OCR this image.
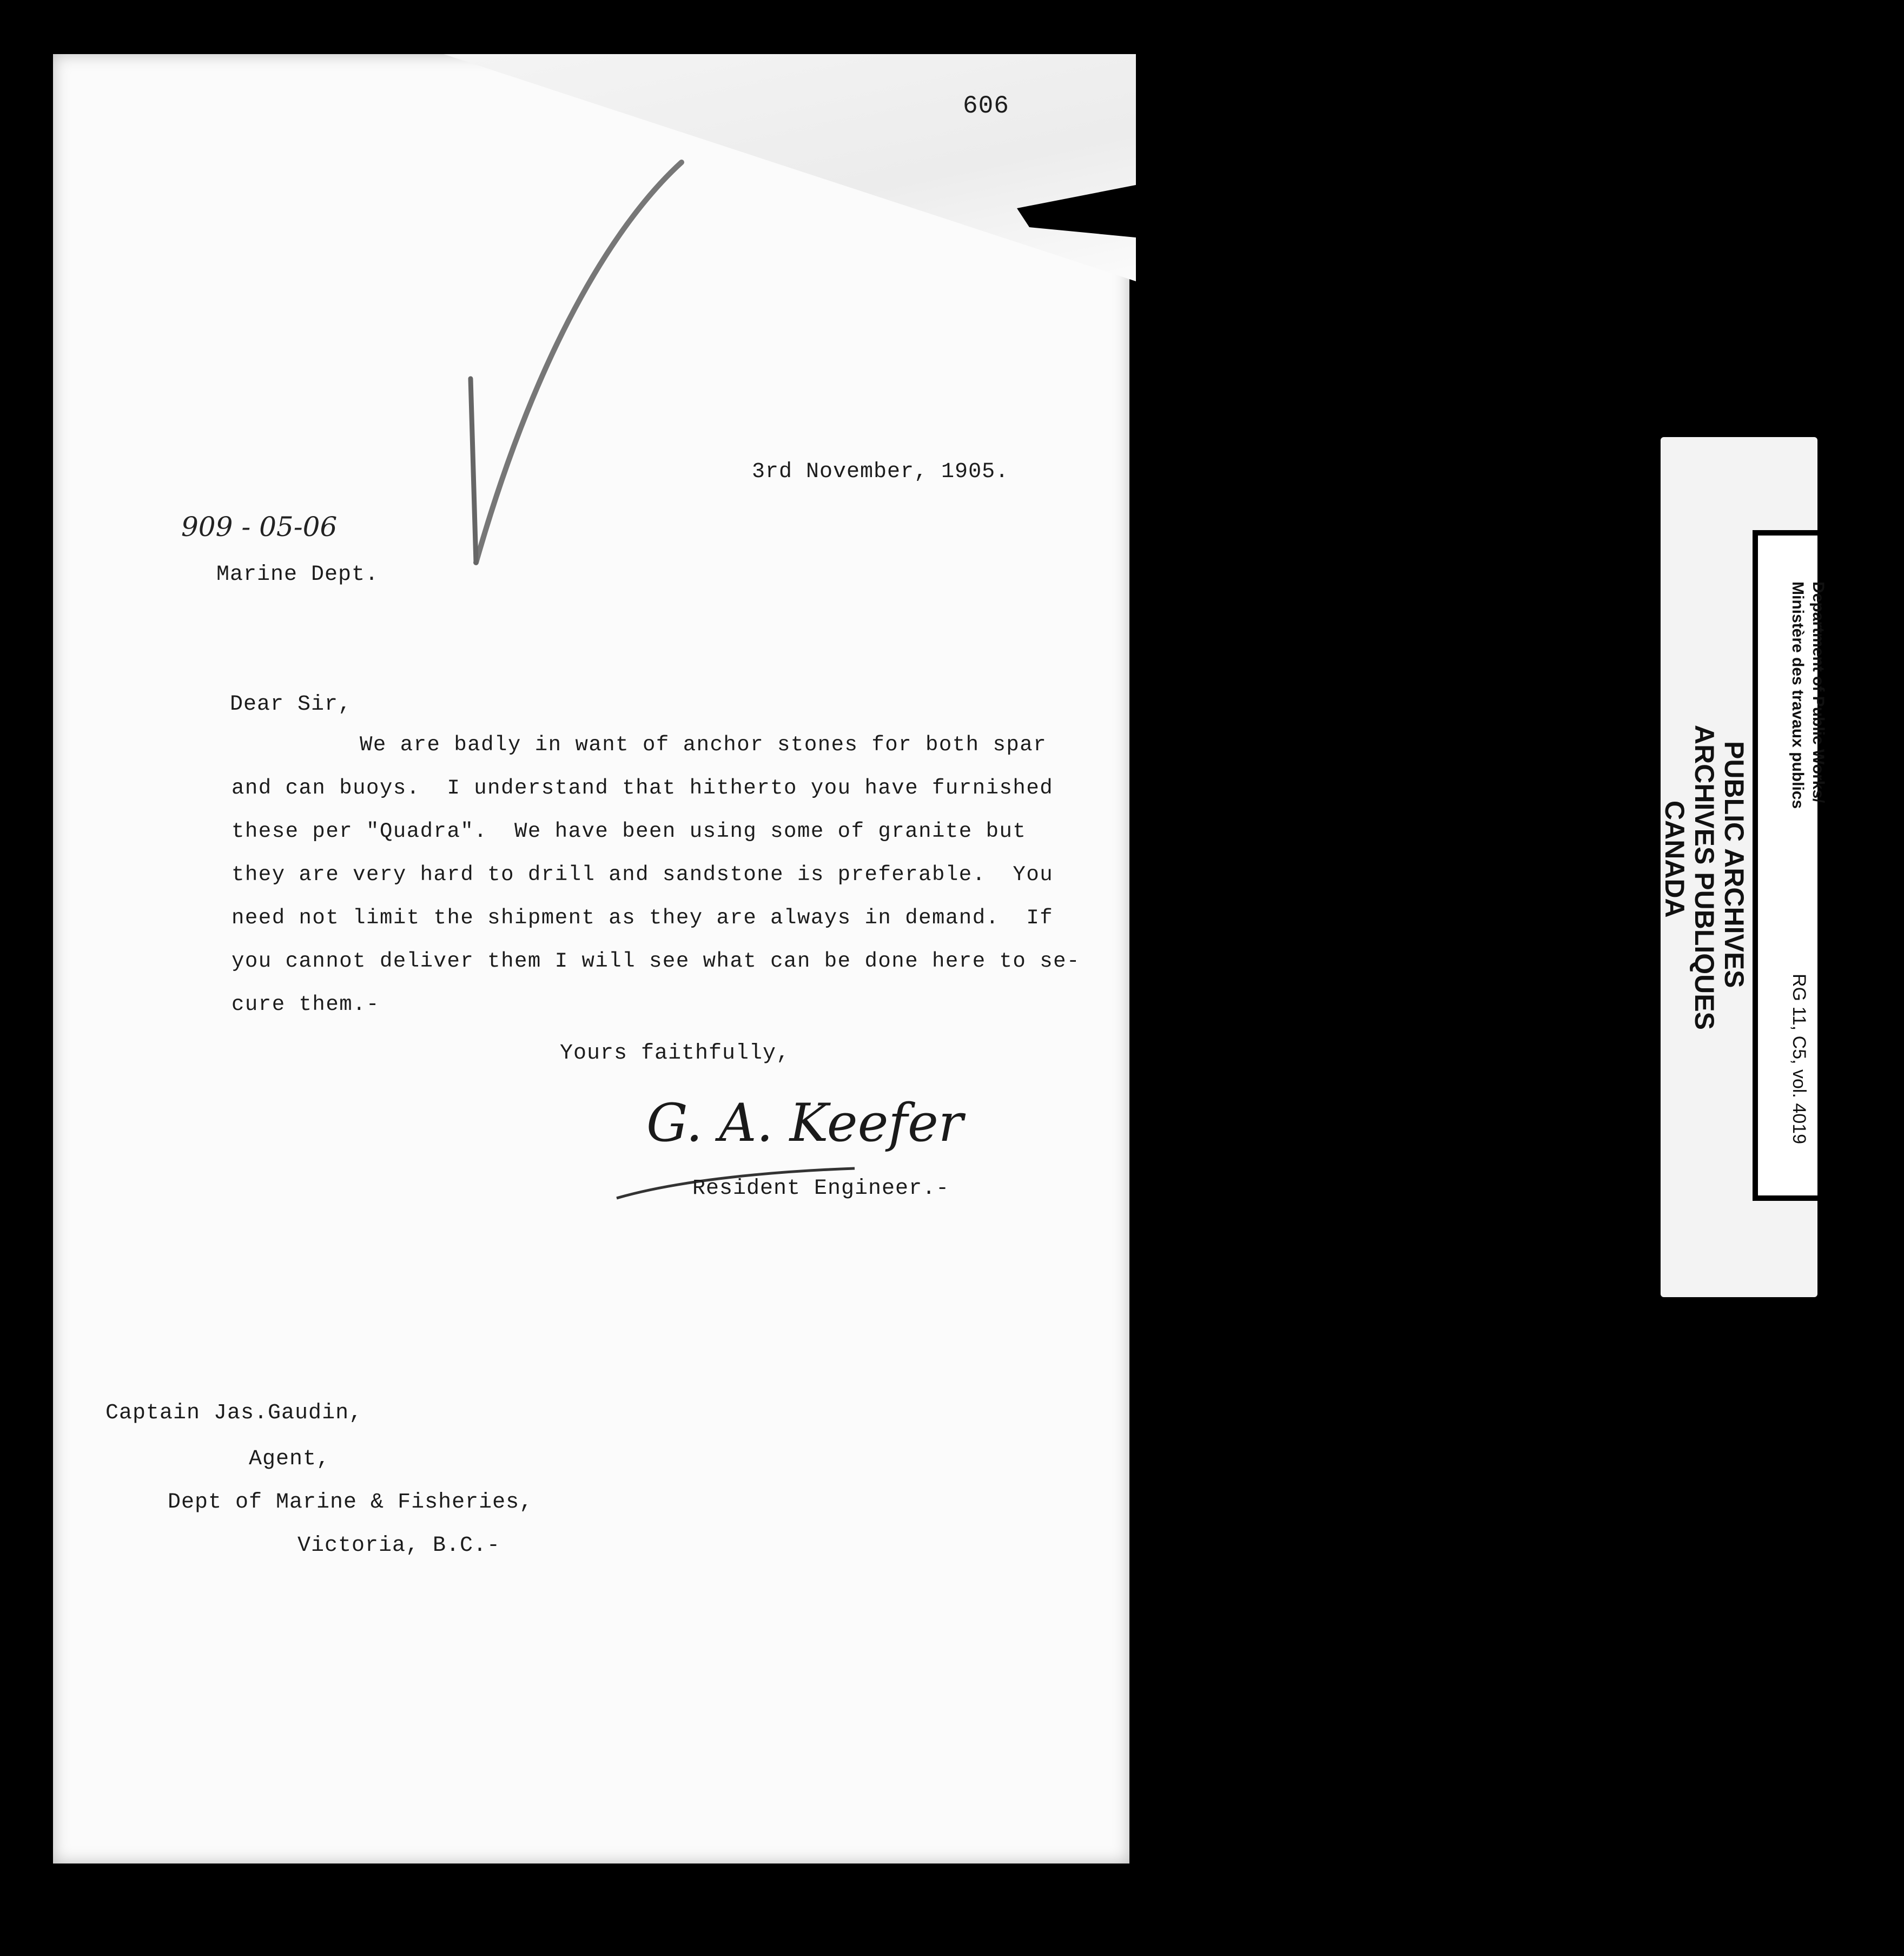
606
3rd November, 1905.
909 - 05-06
Marine Dept.
Dear Sir,
We are badly in want of anchor stones for both spar
and can buoys.  I understand that hitherto you have furnished
these per "Quadra".  We have been using some of granite but
they are very hard to drill and sandstone is preferable.  You
need not limit the shipment as they are always in demand.  If
you cannot deliver them I will see what can be done here to se-
cure them.-
Yours faithfully,
G. A. Keefer
Resident Engineer.-
Captain Jas.Gaudin,
Agent,
Dept of Marine & Fisheries,
Victoria, B.C.-
PUBLIC ARCHIVES
ARCHIVES PUBLIQUES
CANADA
RG 11, C5, vol. 4019
Department of Public Works/
Ministère des travaux publics
